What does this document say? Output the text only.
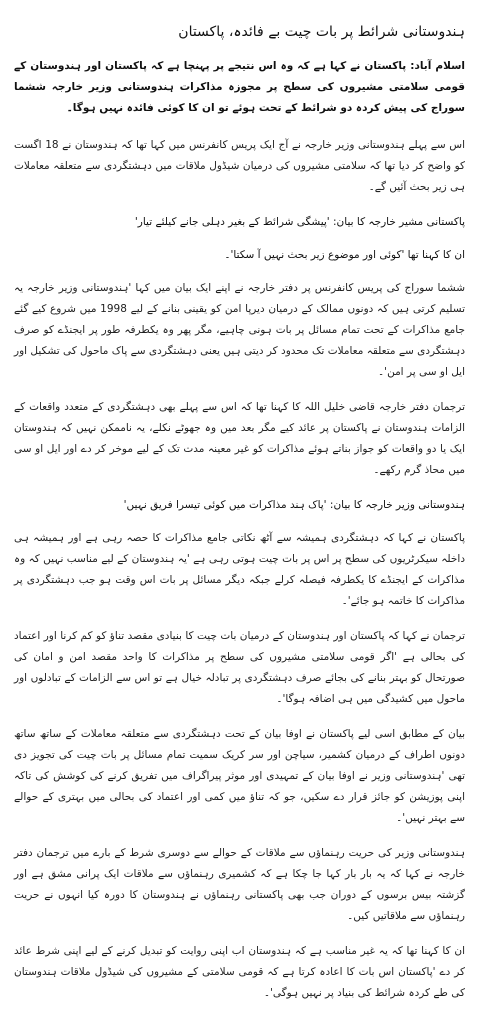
ہندوستانی شرائط پر بات چیت بے فائدہ، پاکستان

اسلام آباد: پاکستان نے کہا ہے کہ وہ اس نتیجے پر پہنچا ہے کہ پاکستان اور ہندوستان کے قومی سلامتی مشیروں کی سطح پر مجوزہ مذاکرات ہندوستانی وزیر خارجہ ششما سوراج کی پیش کردہ دو شرائط کے تحت ہوئے تو ان کا کوئی فائدہ نہیں ہوگا۔

اس سے پہلے ہندوستانی وزیر خارجہ نے آج ایک پریس کانفرنس میں کہا تھا کہ ہندوستان نے 18 اگست کو واضح کر دیا تھا کہ سلامتی مشیروں کی درمیان شیڈول ملاقات میں دہشتگردی سے متعلقہ معاملات ہی زیر بحث آئیں گے۔

پاکستانی مشیر خارجہ کا بیان: 'پیشگی شرائط کے بغیر دہلی جانے کیلئے تیار'

ان کا کہنا تھا 'کوئی اور موضوع زیر بحث نہیں آ سکتا'۔

ششما سوراج کی پریس کانفرنس پر دفتر خارجہ نے اپنے ایک بیان میں کہا 'ہندوستانی وزیر خارجہ یہ تسلیم کرتی ہیں کہ دونوں ممالک کے درمیان دیرپا امن کو یقینی بنانے کے لیے 1998 میں شروع کیے گئے جامع مذاکرات کے تحت تمام مسائل پر بات ہونی چاہیے، مگر پھر وہ یکطرفہ طور پر ایجنڈے کو صرف دہشتگردی سے متعلقہ معاملات تک محدود کر دیتی ہیں یعنی دہشتگردی سے پاک ماحول کی تشکیل اور ایل او سی پر امن'۔

ترجمان دفتر خارجہ قاضی خلیل اللہ کا کہنا تھا کہ اس سے پہلے بھی دہشتگردی کے متعدد واقعات کے الزامات ہندوستان نے پاکستان پر عائد کیے مگر بعد میں وہ جھوٹے نکلے، یہ ناممکن نہیں کہ ہندوستان ایک یا دو واقعات کو جواز بناتے ہوئے مذاکرات کو غیر معینہ مدت تک کے لیے موخر کر دے اور ایل او سی میں محاذ گرم رکھے۔

ہندوستانی وزیر خارجہ کا بیان: 'پاک ہند مذاکرات میں کوئی تیسرا فریق نہیں'

پاکستان نے کہا کہ دہشتگردی ہمیشہ سے آٹھ نکاتی جامع مذاکرات کا حصہ رہی ہے اور ہمیشہ ہی داخلہ سیکرٹریوں کی سطح پر اس پر بات چیت ہوتی رہی ہے 'یہ ہندوستان کے لیے مناسب نہیں کہ وہ مذاکرات کے ایجنڈے کا یکطرفہ فیصلہ کرلے جبکہ دیگر مسائل پر بات اس وقت ہو جب دہشتگردی پر مذاکرات کا خاتمہ ہو جائے'۔

ترجمان نے کہا کہ پاکستان اور ہندوستان کے درمیان بات چیت کا بنیادی مقصد تناؤ کو کم کرنا اور اعتماد کی بحالی ہے 'اگر قومی سلامتی مشیروں کی سطح پر مذاکرات کا واحد مقصد امن و امان کی صورتحال کو بہتر بنانے کی بجائے صرف دہشتگردی پر تبادلہ خیال ہے تو اس سے الزامات کے تبادلوں اور ماحول میں کشیدگی میں ہی اضافہ ہوگا'۔

بیان کے مطابق اسی لیے پاکستان نے اوفا بیان کے تحت دہشتگردی سے متعلقہ معاملات کے ساتھ ساتھ دونوں اطراف کے درمیان کشمیر، سیاچن اور سر کریک سمیت تمام مسائل پر بات چیت کی تجویز دی تھی 'ہندوستانی وزیر نے اوفا بیان کے تمہیدی اور موثر پیراگراف میں تفریق کرنے کی کوشش کی تاکہ اپنی پوزیشن کو جائز قرار دے سکیں، جو کہ تناؤ میں کمی اور اعتماد کی بحالی میں بہتری کے حوالے سے بہتر نہیں'۔

ہندوستانی وزیر کی حریت رہنماؤں سے ملاقات کے حوالے سے دوسری شرط کے بارے میں ترجمان دفتر خارجہ نے کہا کہ یہ بار بار کہا جا چکا ہے کہ کشمیری رہنماؤں سے ملاقات ایک پرانی مشق ہے اور گزشتہ بیس برسوں کے دوران جب بھی پاکستانی رہنماؤں نے ہندوستان کا دورہ کیا انہوں نے حریت رہنماؤں سے ملاقاتیں کیں۔

ان کا کہنا تھا کہ یہ غیر مناسب ہے کہ ہندوستان اب اپنی روایت کو تبدیل کرنے کے لیے اپنی شرط عائد کر دے 'پاکستان اس بات کا اعادہ کرتا ہے کہ قومی سلامتی کے مشیروں کی شیڈول ملاقات ہندوستان کی طے کردہ شرائط کی بنیاد پر نہیں ہوگی'۔
